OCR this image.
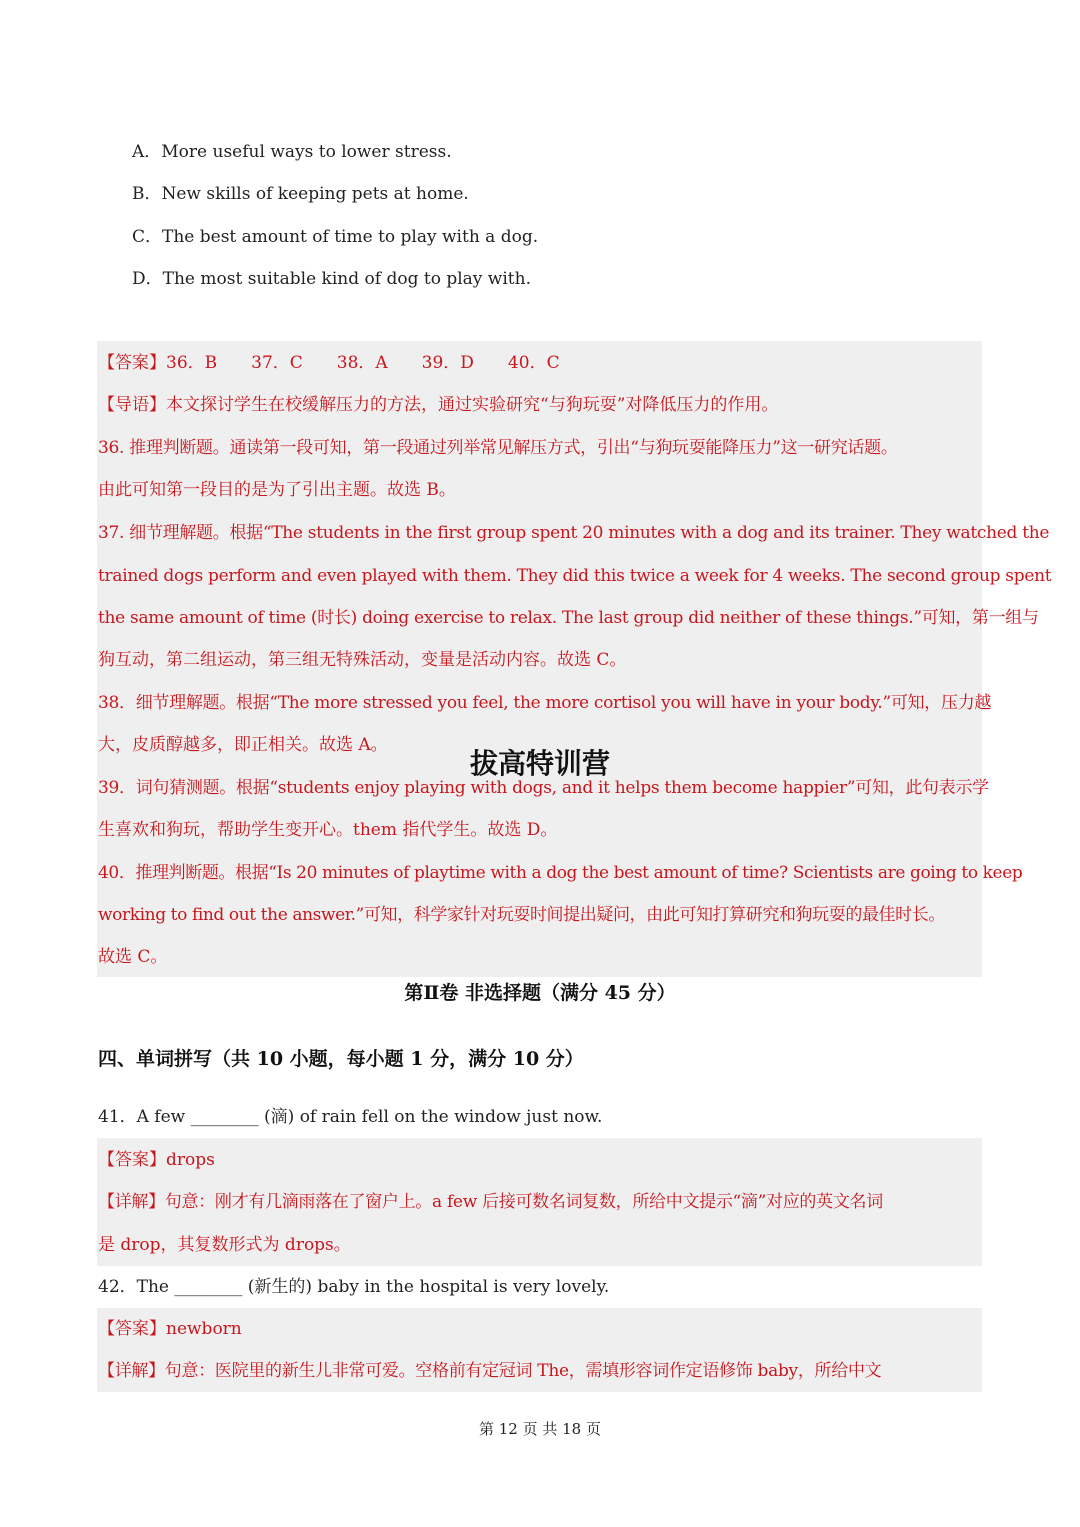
A．More useful ways to lower stress.
B．New skills of keeping pets at home.
C．The best amount of time to play with a dog.
D．The most suitable kind of dog to play with.
【答案】36．B　　37．C　　38．A　　39．D　　40．C
【导语】本文探讨学生在校缓解压力的方法，通过实验研究“与狗玩耍”对降低压力的作用。
36. 推理判断题。通读第一段可知，第一段通过列举常见解压方式，引出“与狗玩耍能降压力”这一研究话题。
由此可知第一段目的是为了引出主题。故选 B。
37. 细节理解题。根据“The students in the first group spent 20 minutes with a dog and its trainer. They watched the
trained dogs perform and even played with them. They did this twice a week for 4 weeks. The second group spent
the same amount of time (时长) doing exercise to relax. The last group did neither of these things.”可知，第一组与
狗互动，第二组运动，第三组无特殊活动，变量是活动内容。故选 C。
38．细节理解题。根据“The more stressed you feel, the more cortisol you will have in your body.”可知，压力越
大，皮质醇越多，即正相关。故选 A。
39．词句猜测题。根据“students enjoy playing with dogs, and it helps them become happier”可知，此句表示学
生喜欢和狗玩，帮助学生变开心。them 指代学生。故选 D。
40．推理判断题。根据“Is 20 minutes of playtime with a dog the best amount of time? Scientists are going to keep
working to find out the answer.”可知，科学家针对玩耍时间提出疑问，由此可知打算研究和狗玩耍的最佳时长。
故选 C。
拔高特训营
第Ⅱ卷 非选择题（满分 45 分）
四、单词拼写（共 10 小题，每小题 1 分，满分 10 分）
41．A few ________ (滴) of rain fell on the window just now.
【答案】drops
【详解】句意：刚才有几滴雨落在了窗户上。a few 后接可数名词复数，所给中文提示“滴”对应的英文名词
是 drop，其复数形式为 drops。
42．The ________ (新生的) baby in the hospital is very lovely.
【答案】newborn
【详解】句意：医院里的新生儿非常可爱。空格前有定冠词 The，需填形容词作定语修饰 baby，所给中文
第 12 页 共 18 页
